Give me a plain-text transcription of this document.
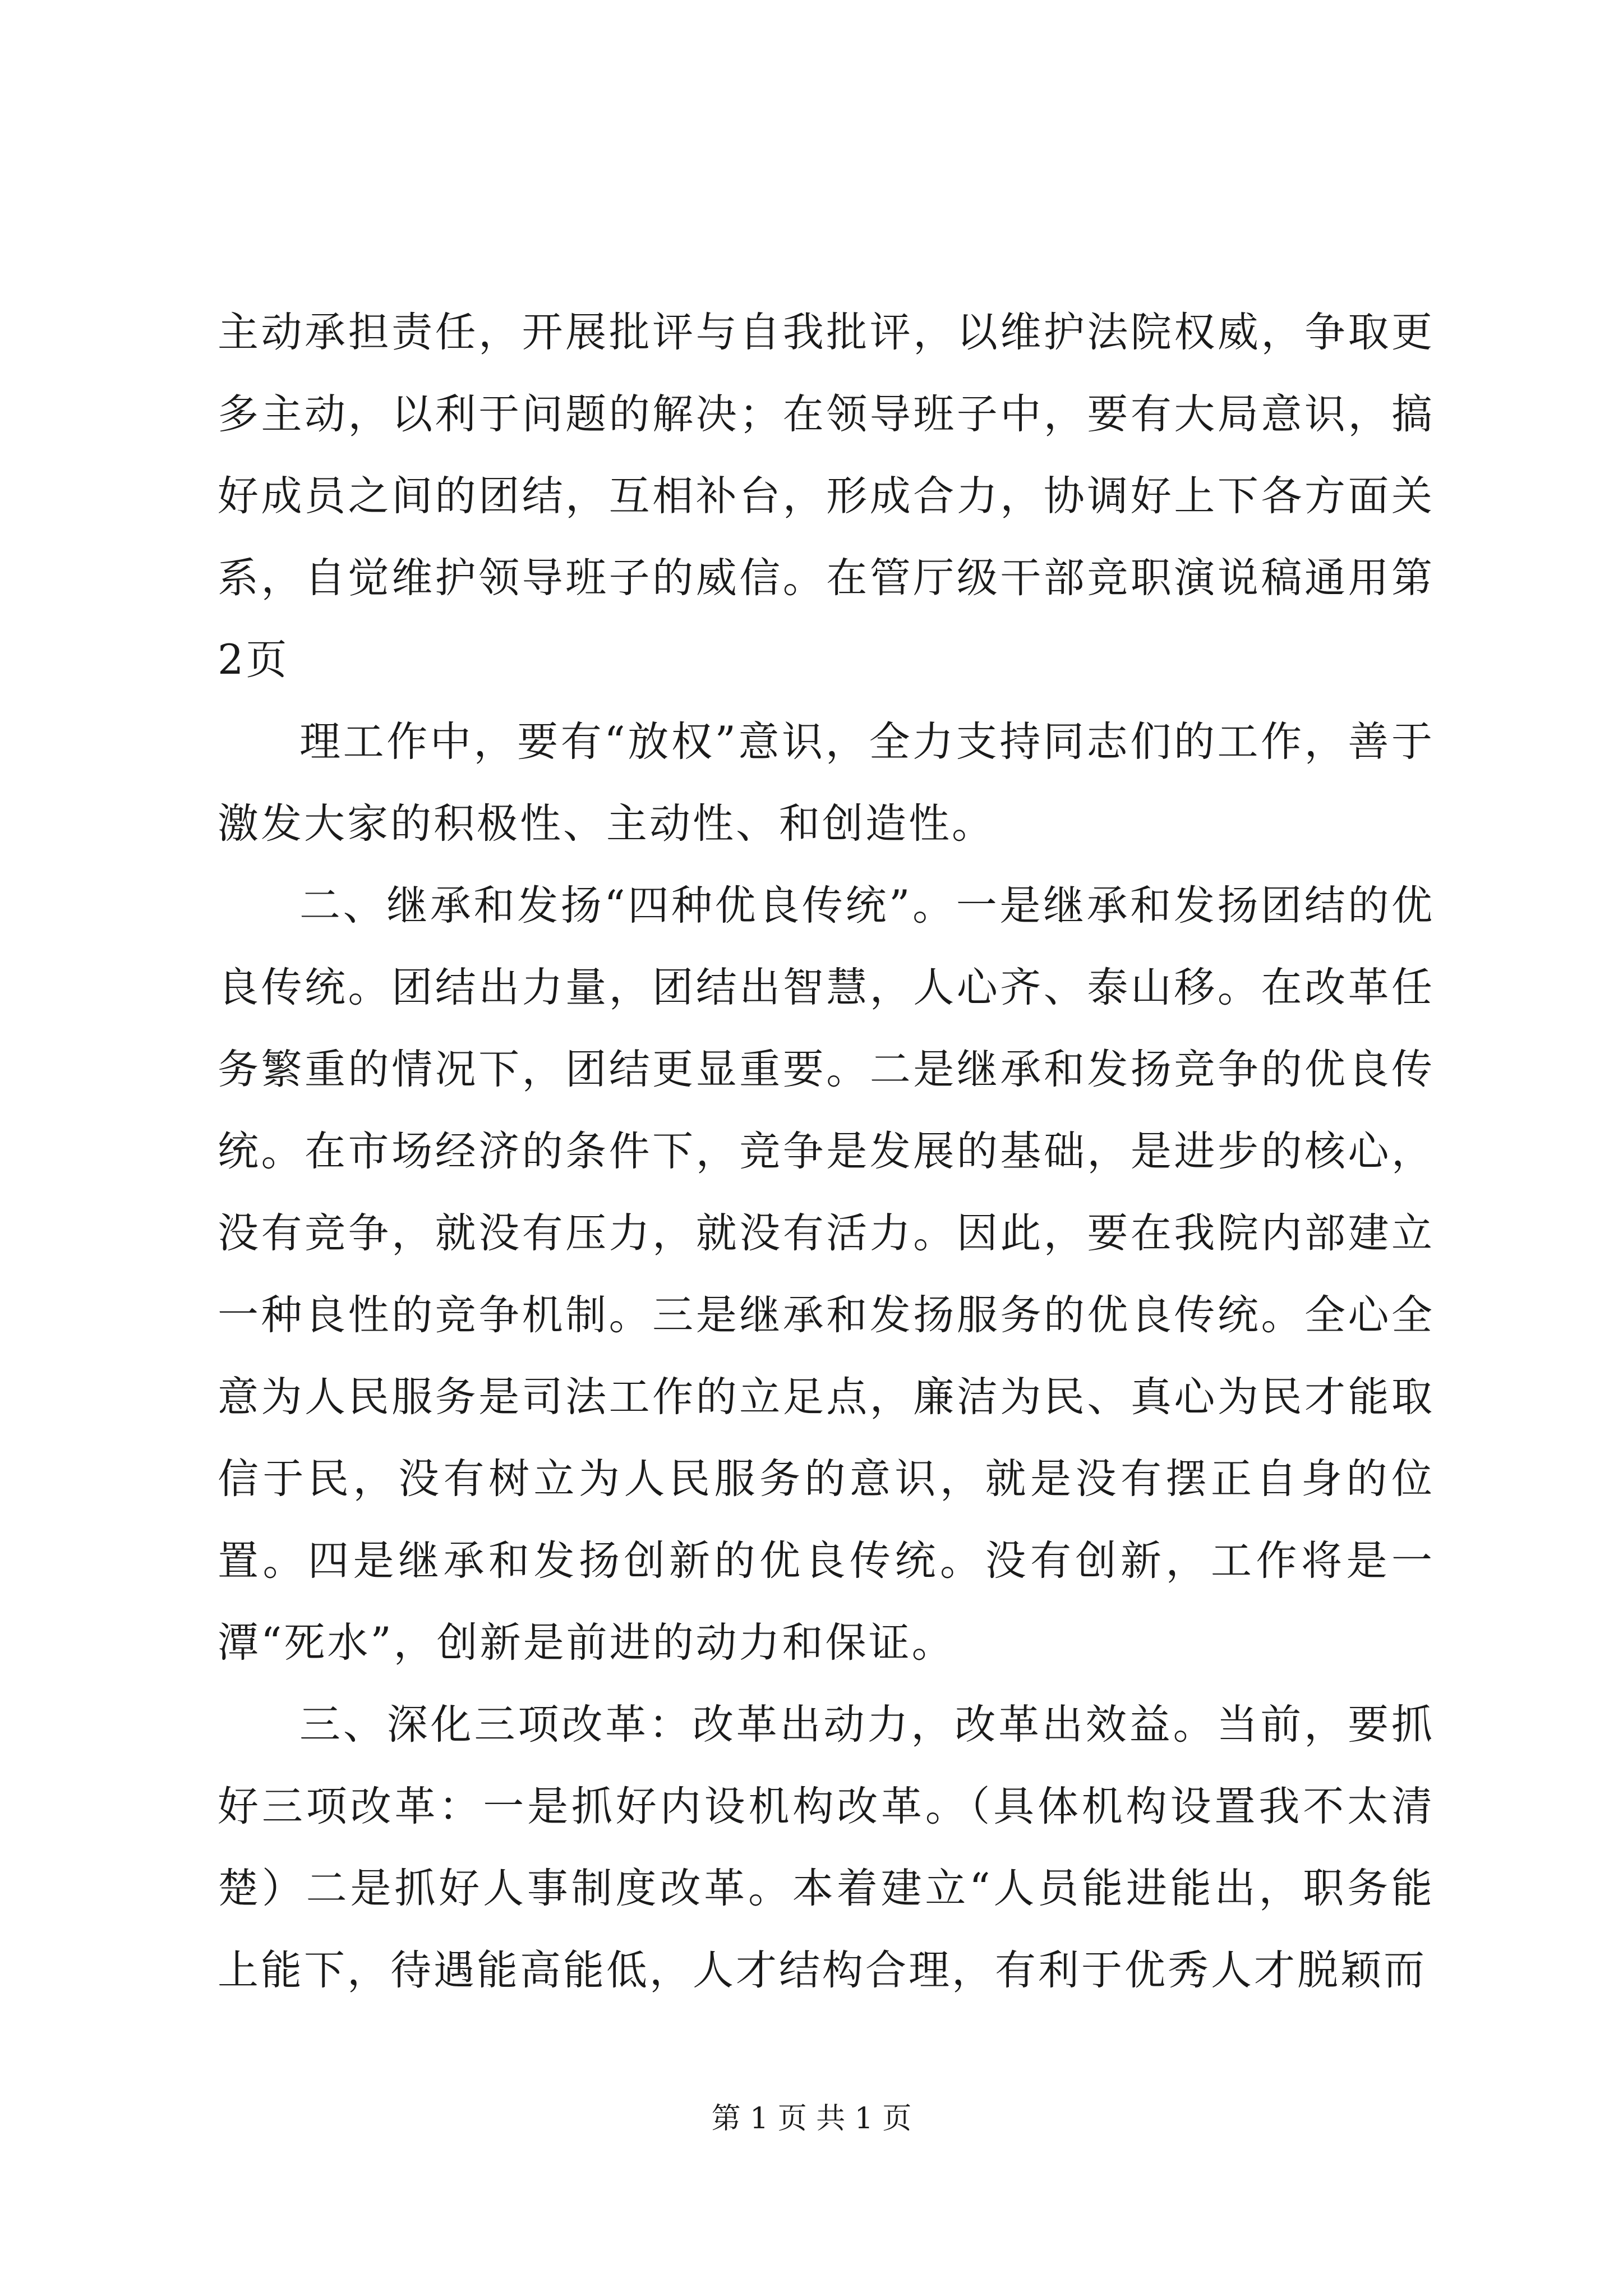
主动承担责任，开展批评与自我批评，以维护法院权威，争取更多主动，以利于问题的解决；在领导班子中，要有大局意识，搞好成员之间的团结，互相补台，形成合力，协调好上下各方面关系，自觉维护领导班子的威信。在管厅级干部竞职演说稿通用第2页

理工作中，要有“放权”意识，全力支持同志们的工作，善于激发大家的积极性、主动性、和创造性。

二、继承和发扬“四种优良传统”。一是继承和发扬团结的优良传统。团结出力量，团结出智慧，人心齐、泰山移。在改革任务繁重的情况下，团结更显重要。二是继承和发扬竞争的优良传统。在市场经济的条件下，竞争是发展的基础，是进步的核心，没有竞争，就没有压力，就没有活力。因此，要在我院内部建立一种良性的竞争机制。三是继承和发扬服务的优良传统。全心全意为人民服务是司法工作的立足点，廉洁为民、真心为民才能取信于民，没有树立为人民服务的意识，就是没有摆正自身的位置。四是继承和发扬创新的优良传统。没有创新，工作将是一潭“死水”，创新是前进的动力和保证。

三、深化三项改革：改革出动力，改革出效益。当前，要抓好三项改革：一是抓好内设机构改革。（具体机构设置我不太清楚）二是抓好人事制度改革。本着建立“人员能进能出，职务能上能下，待遇能高能低，人才结构合理，有利于优秀人才脱颖而

第 1 页 共 1 页
